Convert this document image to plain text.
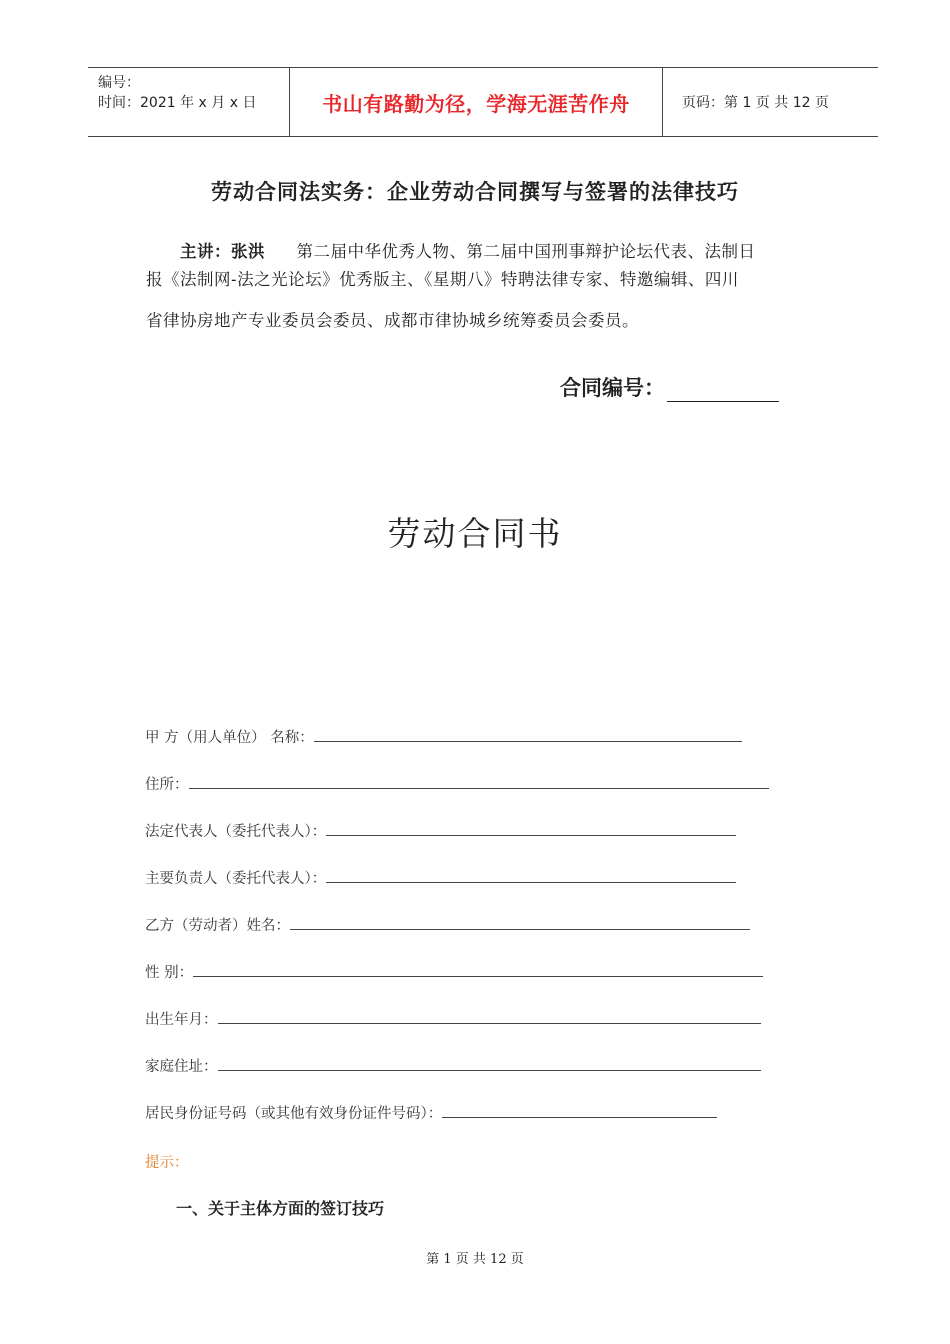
编号：
时间：2021 年 x 月 x 日	书山有路勤为径，学海无涯苦作舟	页码：第 1 页 共 12 页
劳动合同法实务：企业劳动合同撰写与签署的法律技巧
主讲：张洪 第二届中华优秀人物、第二届中国刑事辩护论坛代表、法制日
报《法制网-法之光论坛》优秀版主、《星期八》特聘法律专家、特邀编辑、四川
省律协房地产专业委员会委员、成都市律协城乡统筹委员会委员。
合同编号：
劳动合同书
甲 方（用人单位） 名称：
住所：
法定代表人（委托代表人）：
主要负责人（委托代表人）：
乙方（劳动者）姓名：
性 别：
出生年月：
家庭住址：
居民身份证号码（或其他有效身份证件号码）：
提示：
一、关于主体方面的签订技巧
第 1 页 共 12 页
